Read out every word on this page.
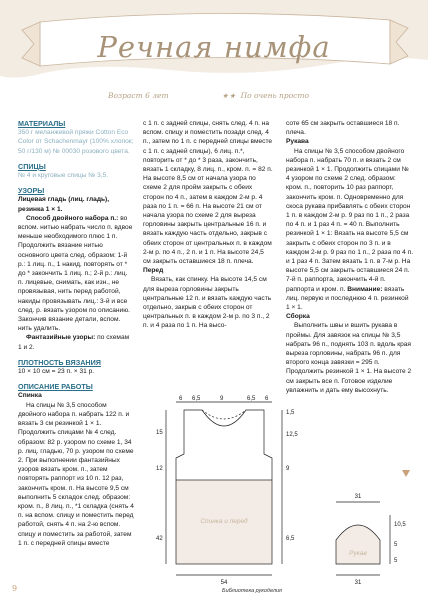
Речная нимфа
Возраст 6 лет	★★ По очень просто

МАТЕРИАЛЫ

350 г меланжевой пряжи Cotton Eco Color от Schachenmayr (100% хлопок; 50 г/130 м) № 00030 розового цвета.

СПИЦЫ

№ 4 и круговые спицы № 3,5.

УЗОРЫ

Лицевая гладь (лиц. гладь), резинка 1 × 1.

Способ двойного набора п.: во вспом. нитью набрать число п. вдвое меньше необходимого плюс 1 п. Продолжить вязание нитью основного цвета след. образом: 1-й р.: 1 лиц. п., 1 накид, повторять от * до * закончить 1 лиц. п.; 2-й р.: лиц. п. лицевые, снимать, как изн., не провязывая, нить перед работой, накиды провязывать лиц.: 3-й и все след. р. вязать узором по описанию. Закончив вязание детали, вспом. нить удалить.

Фантазийные узоры: по схемам 1 и 2.

ПЛОТНОСТЬ ВЯЗАНИЯ

10 × 10 см = 23 п. × 31 р.

ОПИСАНИЕ РАБОТЫ

Спинка

На спицы № 3,5 способом двойного набора п. набрать 122 п. и вязать 3 см резинкой 1 × 1. Продолжить спицами № 4 след. образом: 82 р. узором по схеме 1, 34 р. лиц. гладью, 70 р. узором по схеме 2. При выполнении фантазийных узоров вязать кром. п., затем повторять раппорт из 10 п. 12 раз, закончить кром. п. На высоте 9,5 см выполнить 5 складок след. образом: кром. п., 8 лиц. п., *1 складка (снять 4 п. на вспом. спицу и поместить перед работой, снять 4 п. на 2-ю вспом. спицу и поместить за работой, затем 1 п. с передней спицы вместе

с 1 п. с задней спицы, снять след. 4 п. на вспом. спицу и поместить позади след. 4 п., затем по 1 п. с передней спицы вместе с 1 п. с задней спицы), 6 лиц. п.*, повторить от * до * 3 раза, закончить, вязать 1 складку, 8 лиц. п., кром. п. = 82 п. На высоте 8,5 см от начала узора по схеме 2 для пройм закрыть с обеих сторон по 4 п., затем в каждом 2-м р. 4 раза по 1 п. = 66 п. На высоте 21 см от начала узора по схеме 2 для выреза горловины закрыть центральные 16 п. и вязать каждую часть отдельно, закрыв с обеих сторон от центральных п. в каждом 2-м р. по 4 п., 2 п. и 1 п. На высоте 24,5 см закрыть оставшиеся 18 п. плеча.

Перед

Вязать, как спинку. На высоте 14,5 см для выреза горловины закрыть центральные 12 п. и вязать каждую часть отдельно, закрыв с обеих сторон от центральных п. в каждом 2-м р. по 3 п., 2 п. и 4 раза по 1 п. На высо-

соте 65 см закрыть оставшиеся 18 п. плеча.

Рукава

На спицы № 3,5 способом двойного набора п. набрать 70 п. и вязать 2 см резинкой 1 × 1. Продолжить спицами № 4 узором по схеме 2 след. образом: кром. п., повторить 10 раз раппорт, закончить кром. п. Одновременно для скоса рукава прибавлять с обеих сторон 1 п. в каждом 2-м р. 9 раз по 1 п., 2 раза по 4 п. и 1 раз 4 п. = 40 п. Выполнить резинкой 1 × 1: Вязать на высоте 5,5 см закрыть с обеих сторон по 3 п. и в каждом 2-м р. 9 раз по 1 п., 2 раза по 4 п. и 1 раз 4 п. Затем вязать 1 п. в 7-м р. На высоте 5,5 см закрыть оставшиеся 24 п. 7-й п. раппорта, закончить 4-й п. раппорта и кром. п. Внимание: вязать лиц. первую и последнюю 4 п. резинкой 1 × 1.

Сборка

Выполнить швы и вшить рукава в проймы. Для завязок на спицы № 3,5 набрать 96 п., поднять 103 п. вдоль края выреза горловины, набрать 96 п. для второго конца завязки = 295 п. Продолжить резинкой 1 × 1. На высоте 2 см закрыть все п. Готовое изделие увлажнить и дать ему высохнуть.

Спинка и перед
Рукав
6 6,5	9	6,5 6
1,5
12,5
9
6,5
15
12
42
54
31
31
10,5
5
5
9	Библиотека рукоделия
